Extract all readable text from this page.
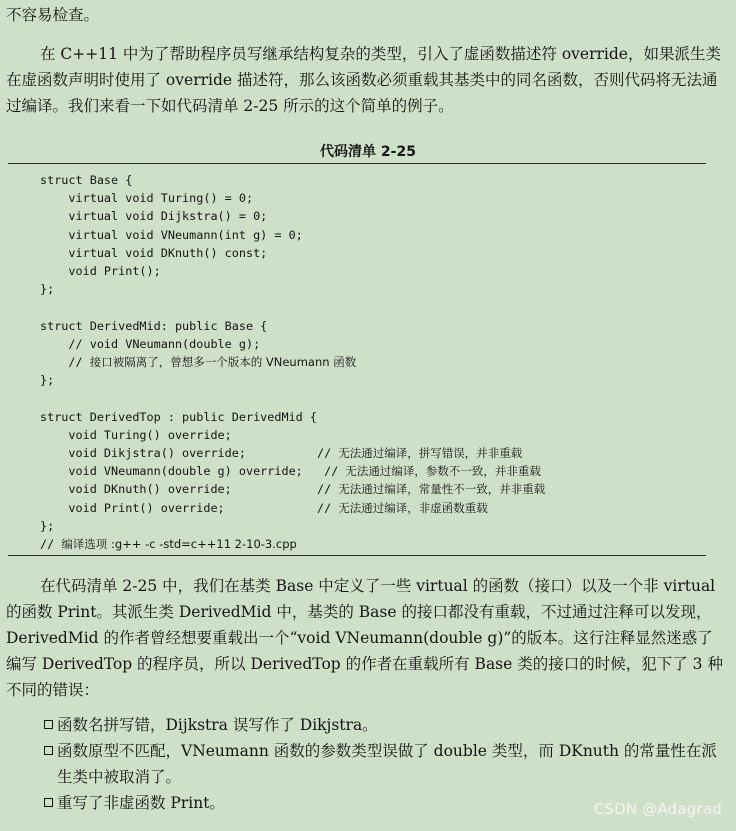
不容易检查。

在 C++11 中为了帮助程序员写继承结构复杂的类型，引入了虚函数描述符 override，如果派生类在虚函数声明时使用了 override 描述符，那么该函数必须重载其基类中的同名函数，否则代码将无法通过编译。我们来看一下如代码清单 2-25 所示的这个简单的例子。

代码清单 2-25
struct Base {
virtual void Turing() = 0;
virtual void Dijkstra() = 0;
virtual void VNeumann(int g) = 0;
virtual void DKnuth() const;
void Print();
};

struct DerivedMid: public Base {
// void VNeumann(double g);
// 接口被隔离了，曾想多一个版本的 VNeumann 函数
};

struct DerivedTop : public DerivedMid {
void Turing() override;
void Dikjstra() override;          // 无法通过编译，拼写错误，并非重载
void VNeumann(double g) override;   // 无法通过编译，参数不一致，并非重载
void DKnuth() override;            // 无法通过编译，常量性不一致，并非重载
void Print() override;             // 无法通过编译，非虚函数重载
};
// 编译选项 :g++ -c -std=c++11 2-10-3.cpp

在代码清单 2-25 中，我们在基类 Base 中定义了一些 virtual 的函数（接口）以及一个非 virtual 的函数 Print。其派生类 DerivedMid 中，基类的 Base 的接口都没有重载，不过通过注释可以发现，DerivedMid 的作者曾经想要重载出一个“void VNeumann(double g)”的版本。这行注释显然迷惑了编写 DerivedTop 的程序员，所以 DerivedTop 的作者在重载所有 Base 类的接口的时候，犯下了 3 种不同的错误：

函数名拼写错，Dijkstra 误写作了 Dikjstra。
函数原型不匹配，VNeumann 函数的参数类型误做了 double 类型，而 DKnuth 的常量性在派生类中被取消了。
重写了非虚函数 Print。	CSDN @Adagrad
